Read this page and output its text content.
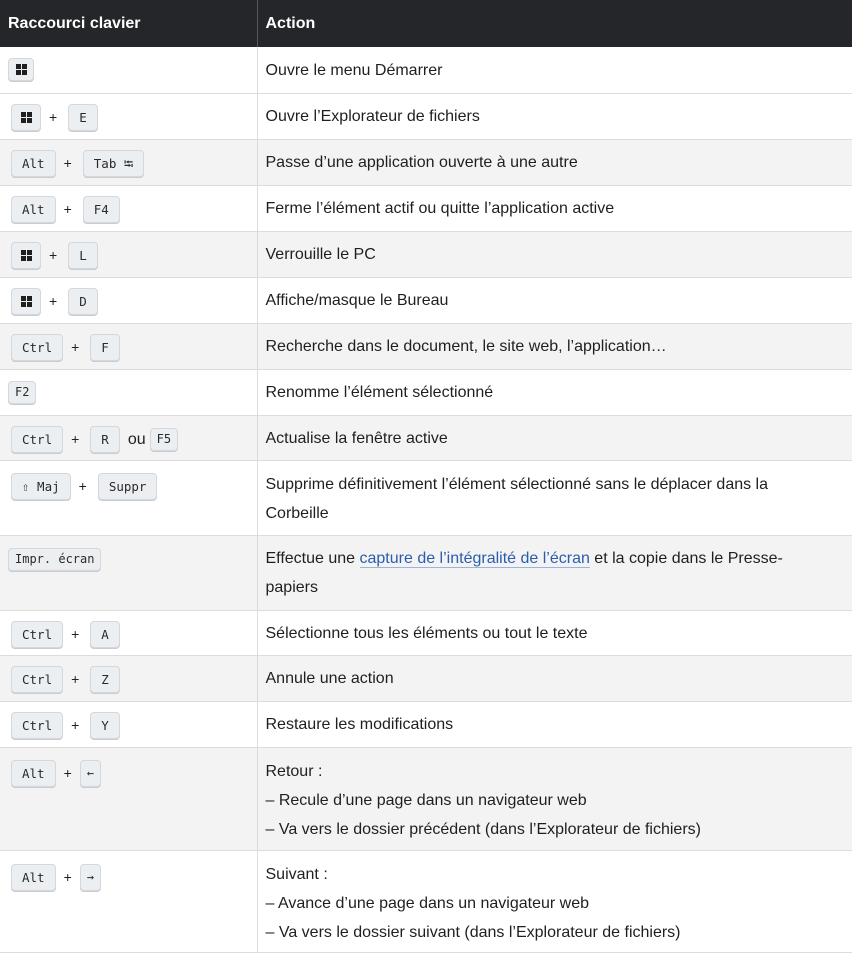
Raccourci clavier	Action

	Ouvre le menu Démarrer

+ E	Ouvre l’Explorateur de fichiers

Alt + Tab ⭾	Passe d’une application ouverte à une autre

Alt + F4	Ferme l’élément actif ou quitte l’application active

+ L	Verrouille le PC

+ D	Affiche/masque le Bureau

Ctrl + F	Recherche dans le document, le site web, l’application…

F2	Renomme l’élément sélectionné

Ctrl + R ou F5	Actualise la fenêtre active

⇧ Maj + Suppr	Supprime définitivement l’élément sélectionné sans le déplacer dans la
Corbeille

Impr. écran	Effectue une capture de l’intégralité de l’écran et la copie dans le Presse-
papiers

Ctrl + A	Sélectionne tous les éléments ou tout le texte

Ctrl + Z	Annule une action

Ctrl + Y	Restaure les modifications

Alt + ←	Retour :
– Recule d’une page dans un navigateur web
– Va vers le dossier précédent (dans l’Explorateur de fichiers)

Alt + →	Suivant :
– Avance d’une page dans un navigateur web
– Va vers le dossier suivant (dans l’Explorateur de fichiers)
